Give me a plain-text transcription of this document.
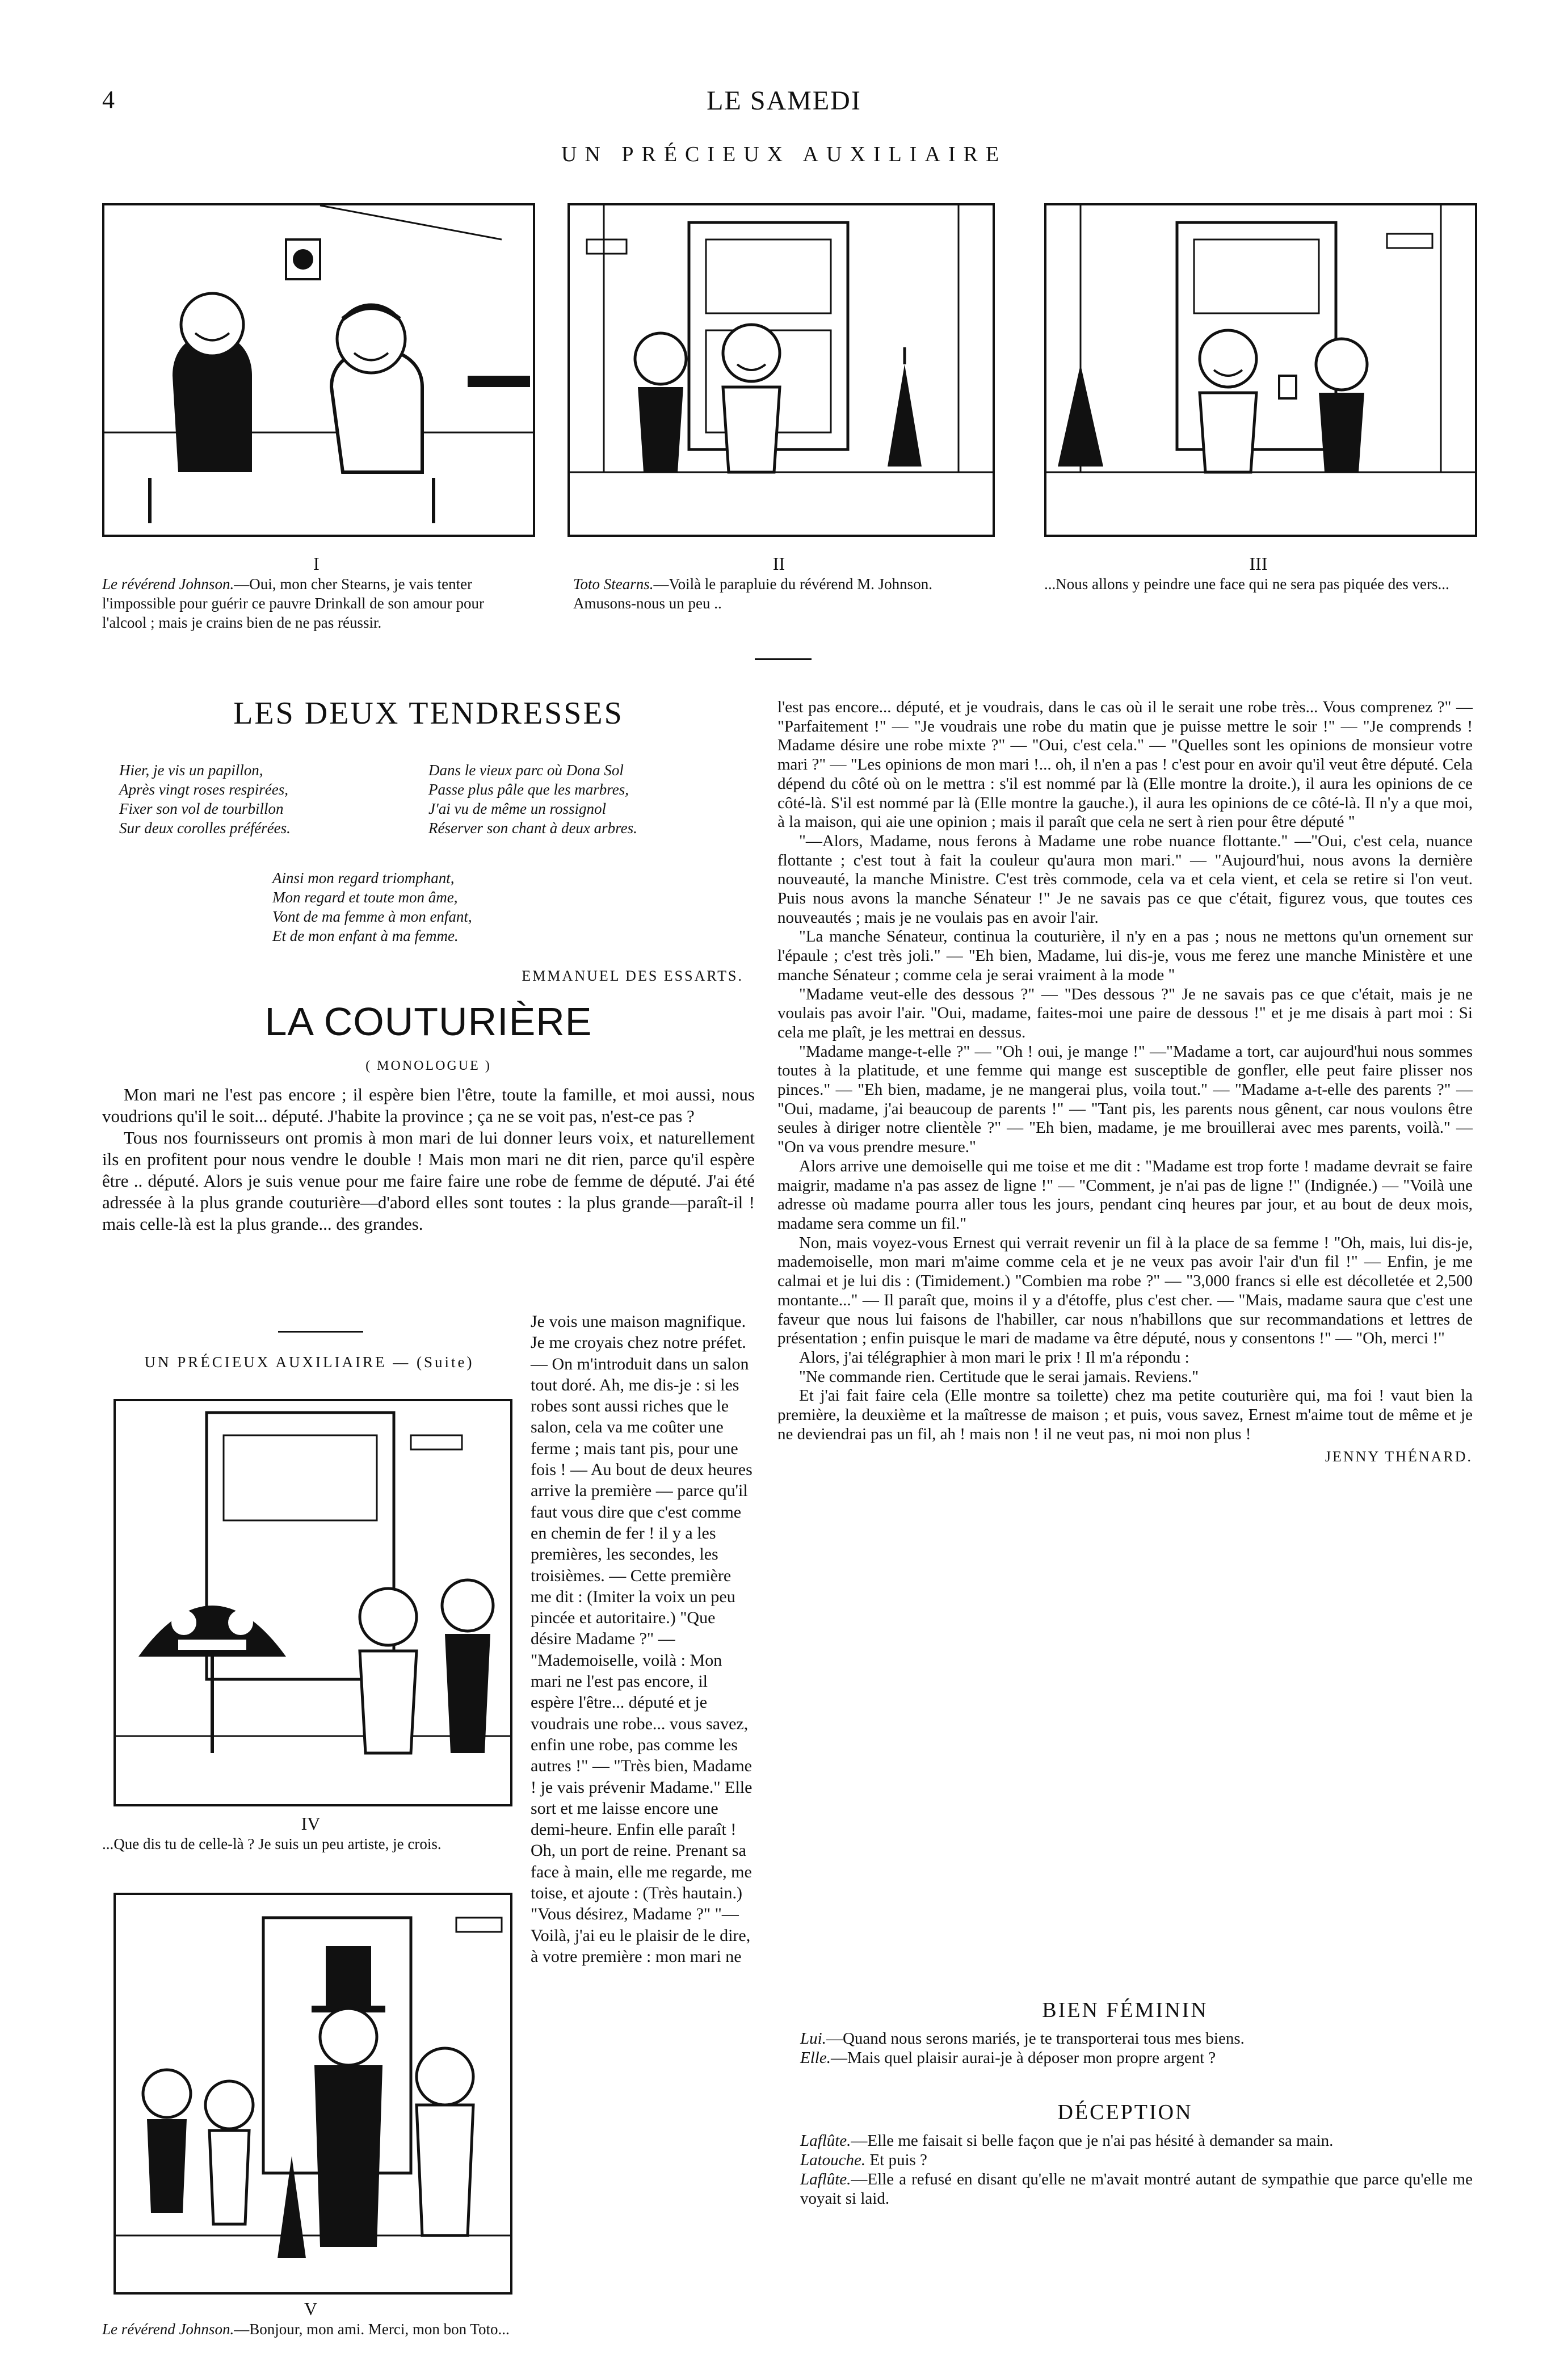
4	LE SAMEDI
UN PRÉCIEUX AUXILIAIRE
I
Le révérend Johnson.—Oui, mon cher Stearns, je vais tenter l'impossible pour guérir ce pauvre Drinkall de son amour pour l'alcool ; mais je crains bien de ne pas réussir.
II
Toto Stearns.—Voilà le parapluie du révérend M. Johnson. Amusons-nous un peu ..
III
...Nous allons y peindre une face qui ne sera pas piquée des vers...
LES DEUX TENDRESSES
Hier, je vis un papillon,
Après vingt roses respirées,
Fixer son vol de tourbillon
Sur deux corolles préférées.
Dans le vieux parc où Dona Sol
Passe plus pâle que les marbres,
J'ai vu de même un rossignol
Réserver son chant à deux arbres.
Ainsi mon regard triomphant,
Mon regard et toute mon âme,
Vont de ma femme à mon enfant,
Et de mon enfant à ma femme.
EMMANUEL DES ESSARTS.
LA COUTURIÈRE
( MONOLOGUE )

Mon mari ne l'est pas encore ; il espère bien l'être, toute la famille, et moi aussi, nous voudrions qu'il le soit... député. J'habite la province ; ça ne se voit pas, n'est-ce pas ?

Tous nos fournisseurs ont promis à mon mari de lui donner leurs voix, et naturellement ils en profitent pour nous vendre le double ! Mais mon mari ne dit rien, parce qu'il espère être .. député. Alors je suis venue pour me faire faire une robe de femme de député. J'ai été adressée à la plus grande couturière—d'abord elles sont toutes : la plus grande—paraît-il ! mais celle-là est la plus grande... des grandes.

UN PRÉCIEUX AUXILIAIRE — (Suite)
IV
...Que dis tu de celle-là ? Je suis un peu artiste, je crois.
V
Le révérend Johnson.—Bonjour, mon ami. Merci, mon bon Toto...

Je vois une maison magnifique. Je me croyais chez notre préfet. — On m'introduit dans un salon tout doré. Ah, me dis-je : si les robes sont aussi riches que le salon, cela va me coûter une ferme ; mais tant pis, pour une fois ! — Au bout de deux heures arrive la première — parce qu'il faut vous dire que c'est comme en chemin de fer ! il y a les premières, les secondes, les troisièmes. — Cette première me dit : (Imiter la voix un peu pincée et autoritaire.) "Que désire Madame ?" — "Mademoiselle, voilà : Mon mari ne l'est pas encore, il espère l'être... député et je voudrais une robe... vous savez, enfin une robe, pas comme les autres !" — "Très bien, Madame ! je vais prévenir Madame." Elle sort et me laisse encore une demi-heure. Enfin elle paraît ! Oh, un port de reine. Prenant sa face à main, elle me regarde, me toise, et ajoute : (Très hautain.) "Vous désirez, Madame ?" "—Voilà, j'ai eu le plaisir de le dire, à votre première : mon mari ne

l'est pas encore... député, et je voudrais, dans le cas où il le serait une robe très... Vous comprenez ?" — "Parfaitement !" — "Je voudrais une robe du matin que je puisse mettre le soir !" — "Je comprends ! Madame désire une robe mixte ?" — "Oui, c'est cela." — "Quelles sont les opinions de monsieur votre mari ?" — "Les opinions de mon mari !... oh, il n'en a pas ! c'est pour en avoir qu'il veut être député. Cela dépend du côté où on le mettra : s'il est nommé par là (Elle montre la droite.), il aura les opinions de ce côté-là. S'il est nommé par là (Elle montre la gauche.), il aura les opinions de ce côté-là. Il n'y a que moi, à la maison, qui aie une opinion ; mais il paraît que cela ne sert à rien pour être député "

"—Alors, Madame, nous ferons à Madame une robe nuance flottante." —"Oui, c'est cela, nuance flottante ; c'est tout à fait la couleur qu'aura mon mari." — "Aujourd'hui, nous avons la dernière nouveauté, la manche Ministre. C'est très commode, cela va et cela vient, et cela se retire si l'on veut. Puis nous avons la manche Sénateur !" Je ne savais pas ce que c'était, figurez vous, que toutes ces nouveautés ; mais je ne voulais pas en avoir l'air.

"La manche Sénateur, continua la couturière, il n'y en a pas ; nous ne mettons qu'un ornement sur l'épaule ; c'est très joli." — "Eh bien, Madame, lui dis-je, vous me ferez une manche Ministère et une manche Sénateur ; comme cela je serai vraiment à la mode "

"Madame veut-elle des dessous ?" — "Des dessous ?" Je ne savais pas ce que c'était, mais je ne voulais pas avoir l'air. "Oui, madame, faites-moi une paire de dessous !" et je me disais à part moi : Si cela me plaît, je les mettrai en dessus.

"Madame mange-t-elle ?" — "Oh ! oui, je mange !" —"Madame a tort, car aujourd'hui nous sommes toutes à la platitude, et une femme qui mange est susceptible de gonfler, elle peut faire plisser nos pinces." — "Eh bien, madame, je ne mangerai plus, voila tout." — "Madame a-t-elle des parents ?" — "Oui, madame, j'ai beaucoup de parents !" — "Tant pis, les parents nous gênent, car nous voulons être seules à diriger notre clientèle ?" — "Eh bien, madame, je me brouillerai avec mes parents, voilà." — "On va vous prendre mesure."

Alors arrive une demoiselle qui me toise et me dit : "Madame est trop forte ! madame devrait se faire maigrir, madame n'a pas assez de ligne !" — "Comment, je n'ai pas de ligne !" (Indignée.) — "Voilà une adresse où madame pourra aller tous les jours, pendant cinq heures par jour, et au bout de deux mois, madame sera comme un fil."

Non, mais voyez-vous Ernest qui verrait revenir un fil à la place de sa femme ! "Oh, mais, lui dis-je, mademoiselle, mon mari m'aime comme cela et je ne veux pas avoir l'air d'un fil !" — Enfin, je me calmai et je lui dis : (Timidement.) "Combien ma robe ?" — "3,000 francs si elle est décolletée et 2,500 montante..." — Il paraît que, moins il y a d'étoffe, plus c'est cher. — "Mais, madame saura que c'est une faveur que nous lui faisons de l'habiller, car nous n'habillons que sur recommandations et lettres de présentation ; enfin puisque le mari de madame va être député, nous y consentons !" — "Oh, merci !"

Alors, j'ai télégraphier à mon mari le prix ! Il m'a répondu :

"Ne commande rien. Certitude que le serai jamais. Reviens."

Et j'ai fait faire cela (Elle montre sa toilette) chez ma petite couturière qui, ma foi ! vaut bien la première, la deuxième et la maîtresse de maison ; et puis, vous savez, Ernest m'aime tout de même et je ne deviendrai pas un fil, ah ! mais non ! il ne veut pas, ni moi non plus !

JENNY THÉNARD.
BIEN FÉMININ
Lui.—Quand nous serons mariés, je te transporterai tous mes biens.
Elle.—Mais quel plaisir aurai-je à déposer mon propre argent ?
DÉCEPTION
Laflûte.—Elle me faisait si belle façon que je n'ai pas hésité à demander sa main.
Latouche. Et puis ?
Laflûte.—Elle a refusé en disant qu'elle ne m'avait montré autant de sympathie que parce qu'elle me voyait si laid.
